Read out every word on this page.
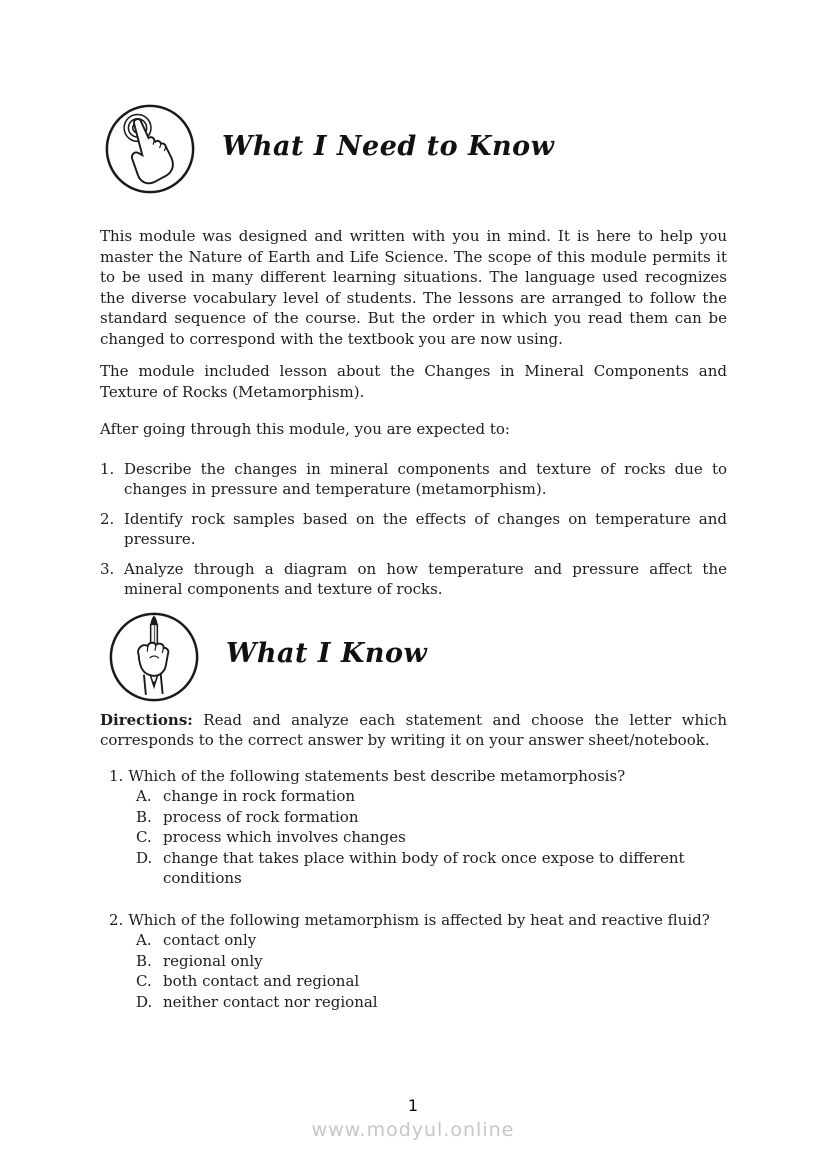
What I Need to Know

This module was designed and written with you in mind. It is here to help you master the Nature of Earth and Life Science. The scope of this module permits it to be used in many different learning situations. The language used recognizes the diverse vocabulary level of students. The lessons are arranged to follow the standard sequence of the course. But the order in which you read them can be changed to correspond with the textbook you are now using.

The module included lesson about the Changes in Mineral Components and Texture of Rocks (Metamorphism).

After going through this module, you are expected to:

1. Describe the changes in mineral components and texture of rocks due to changes in pressure and temperature (metamorphism).
2. Identify rock samples based on the effects of changes on temperature and pressure.
3. Analyze through a diagram on how temperature and pressure affect the mineral components and texture of rocks.
What I Know

Directions: Read and analyze each statement and choose the letter which corresponds to the correct answer by writing it on your answer sheet/notebook.

1. Which of the following statements best describe metamorphosis?
A. change in rock formation
B. process of rock formation
C. process which involves changes
D. change that takes place within body of rock once expose to different conditions
2. Which of the following metamorphism is affected by heat and reactive fluid?
A. contact only
B. regional only
C. both contact and regional
D. neither contact nor regional
1
www.modyul.online
